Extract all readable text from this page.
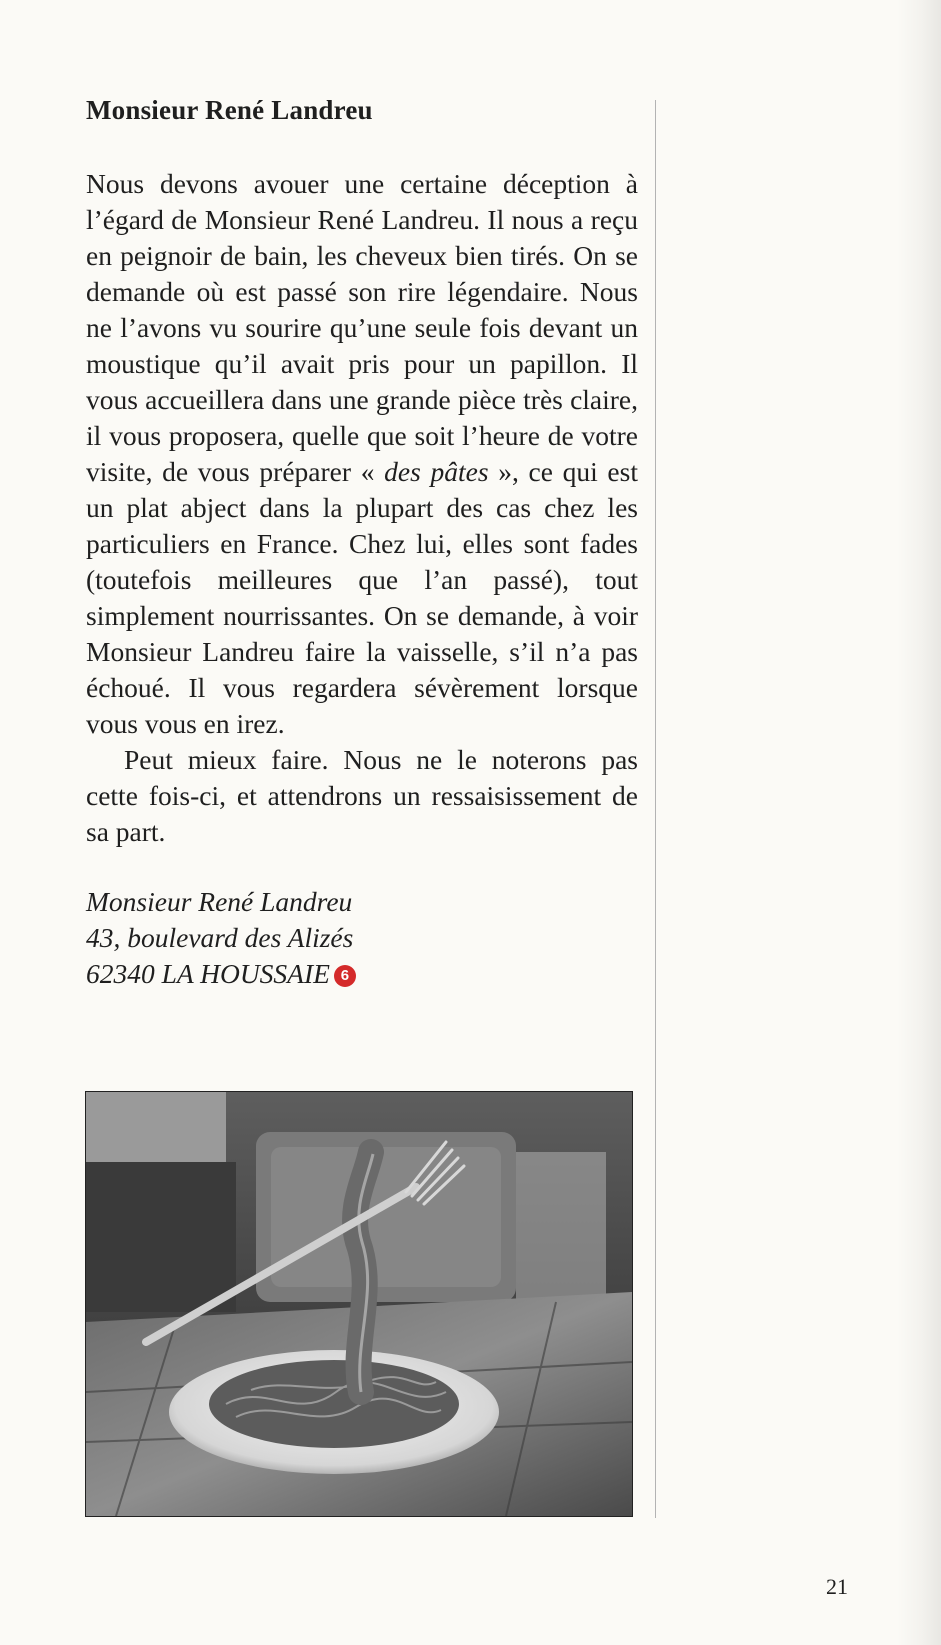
Monsieur René Landreu

Nous devons avouer une certaine déception à l’égard de Monsieur René Landreu. Il nous a reçu en peignoir de bain, les cheveux bien tirés. On se demande où est passé son rire légendaire. Nous ne l’avons vu sourire qu’une seule fois devant un moustique qu’il avait pris pour un papillon. Il vous accueillera dans une grande pièce très claire, il vous proposera, quelle que soit l’heure de votre visite, de vous préparer « des pâtes », ce qui est un plat abject dans la plupart des cas chez les particuliers en France. Chez lui, elles sont fades (toutefois meilleures que l’an passé), tout simplement nourrissantes. On se demande, à voir Monsieur Landreu faire la vaisselle, s’il n’a pas échoué. Il vous regardera sévèrement lorsque vous vous en irez.

Peut mieux faire. Nous ne le noterons pas cette fois-ci, et attendrons un ressaisissement de sa part.

Monsieur René Landreu
43, boulevard des Alizés
62340 LA HOUSSAIE 6
21
